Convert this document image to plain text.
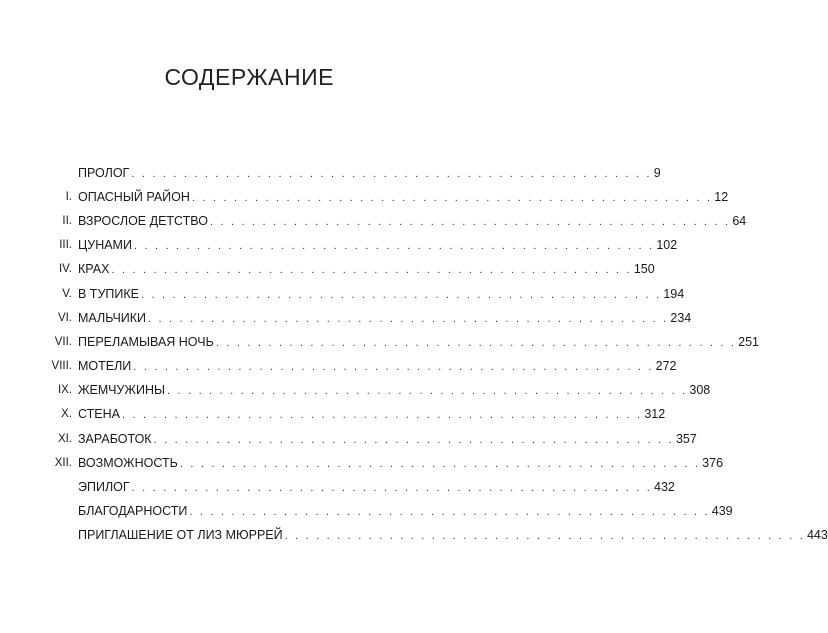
СОДЕРЖАНИЕ
ПРОЛОГ . . . . . . . . . . . . . . . . . . . . . . . . . . . . . . . . . . . . . . . . . . . . . . . . . . 9
I. ОПАСНЫЙ РАЙОН . . . . . . . . . . . . . . . . . . . . . . . . . . . . . . . . . . . . . . . . . . . . . . . . . . 12
II. ВЗРОСЛОЕ ДЕТСТВО . . . . . . . . . . . . . . . . . . . . . . . . . . . . . . . . . . . . . . . . . . . . . . . . . . 64
III. ЦУНАМИ . . . . . . . . . . . . . . . . . . . . . . . . . . . . . . . . . . . . . . . . . . . . . . . . . . 102
IV. КРАХ . . . . . . . . . . . . . . . . . . . . . . . . . . . . . . . . . . . . . . . . . . . . . . . . . . 150
V. В ТУПИКЕ . . . . . . . . . . . . . . . . . . . . . . . . . . . . . . . . . . . . . . . . . . . . . . . . . . 194
VI. МАЛЬЧИКИ . . . . . . . . . . . . . . . . . . . . . . . . . . . . . . . . . . . . . . . . . . . . . . . . . . 234
VII. ПЕРЕЛАМЫВАЯ НОЧЬ . . . . . . . . . . . . . . . . . . . . . . . . . . . . . . . . . . . . . . . . . . . . . . . . . . 251
VIII. МОТЕЛИ . . . . . . . . . . . . . . . . . . . . . . . . . . . . . . . . . . . . . . . . . . . . . . . . . . 272
IX. ЖЕМЧУЖИНЫ . . . . . . . . . . . . . . . . . . . . . . . . . . . . . . . . . . . . . . . . . . . . . . . . . . 308
X. СТЕНА . . . . . . . . . . . . . . . . . . . . . . . . . . . . . . . . . . . . . . . . . . . . . . . . . . 312
XI. ЗАРАБОТОК . . . . . . . . . . . . . . . . . . . . . . . . . . . . . . . . . . . . . . . . . . . . . . . . . . 357
XII. ВОЗМОЖНОСТЬ . . . . . . . . . . . . . . . . . . . . . . . . . . . . . . . . . . . . . . . . . . . . . . . . . . 376
ЭПИЛОГ . . . . . . . . . . . . . . . . . . . . . . . . . . . . . . . . . . . . . . . . . . . . . . . . . . 432
БЛАГОДАРНОСТИ . . . . . . . . . . . . . . . . . . . . . . . . . . . . . . . . . . . . . . . . . . . . . . . . . . 439
ПРИГЛАШЕНИЕ ОТ ЛИЗ МЮРРЕЙ . . . . . . . . . . . . . . . . . . . . . . . . . . . . . . . . . . . . . . . . . . . . . . . . . . 443
